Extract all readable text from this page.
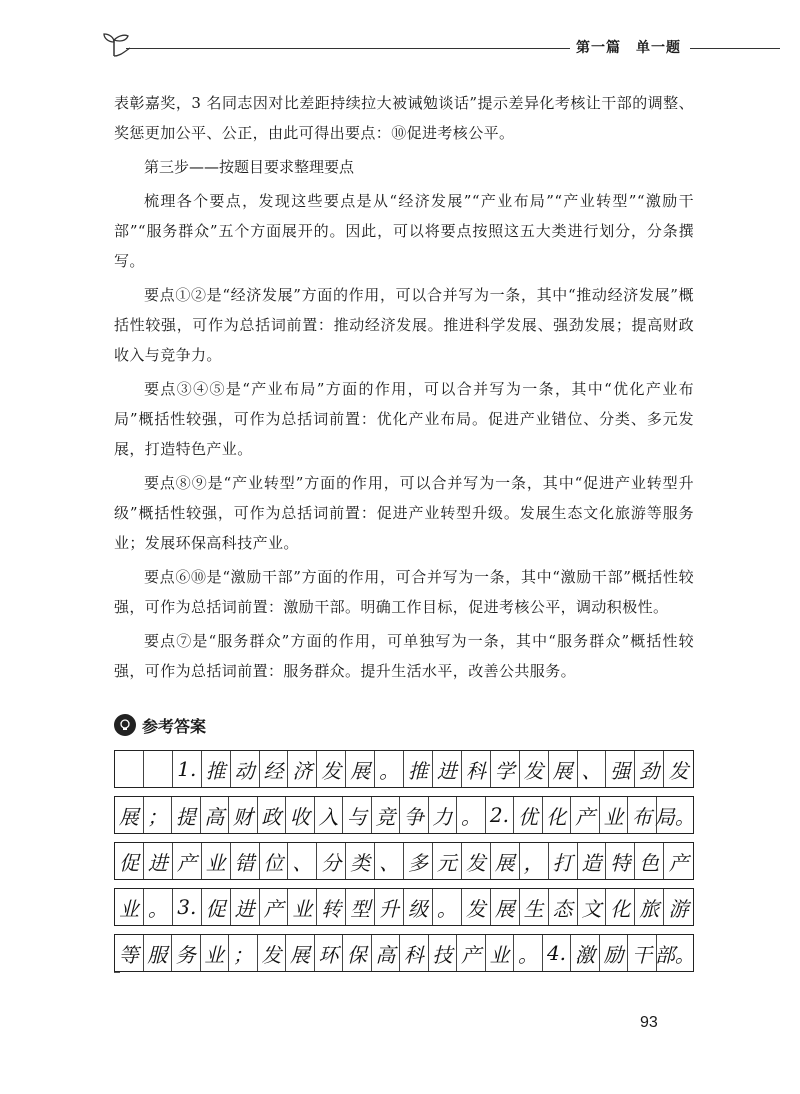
第一篇　单一题

表彰嘉奖，3 名同志因对比差距持续拉大被诫勉谈话”提示差异化考核让干部的调整、奖惩更加公平、公正，由此可得出要点：⑩促进考核公平。

第三步——按题目要求整理要点

梳理各个要点，发现这些要点是从“经济发展”“产业布局”“产业转型”“激励干部”“服务群众”五个方面展开的。因此，可以将要点按照这五大类进行划分，分条撰写。

要点①②是“经济发展”方面的作用，可以合并写为一条，其中“推动经济发展”概括性较强，可作为总括词前置：推动经济发展。推进科学发展、强劲发展；提高财政收入与竞争力。

要点③④⑤是“产业布局”方面的作用，可以合并写为一条，其中“优化产业布局”概括性较强，可作为总括词前置：优化产业布局。促进产业错位、分类、多元发展，打造特色产业。

要点⑧⑨是“产业转型”方面的作用，可以合并写为一条，其中“促进产业转型升级”概括性较强，可作为总括词前置：促进产业转型升级。发展生态文化旅游等服务业；发展环保高科技产业。

要点⑥⑩是“激励干部”方面的作用，可合并写为一条，其中“激励干部”概括性较强，可作为总括词前置：激励干部。明确工作目标，促进考核公平，调动积极性。

要点⑦是“服务群众”方面的作用，可单独写为一条，其中“服务群众”概括性较强，可作为总括词前置：服务群众。提升生活水平，改善公共服务。

参考答案
1. 推 动 经 济 发 展 。 推 进 科 学 发 展 、 强 劲 发
展 ； 提 高 财 政 收 入 与 竞 争 力 。 2. 优 化 产 业 布 局。
促 进 产 业 错 位 、 分 类 、 多 元 发 展 ， 打 造 特 色 产
业 。 3. 促 进 产 业 转 型 升 级 。 发 展 生 态 文 化 旅 游
等 服 务 业 ； 发 展 环 保 高 科 技 产 业 。 4. 激 励 干 部。
93
